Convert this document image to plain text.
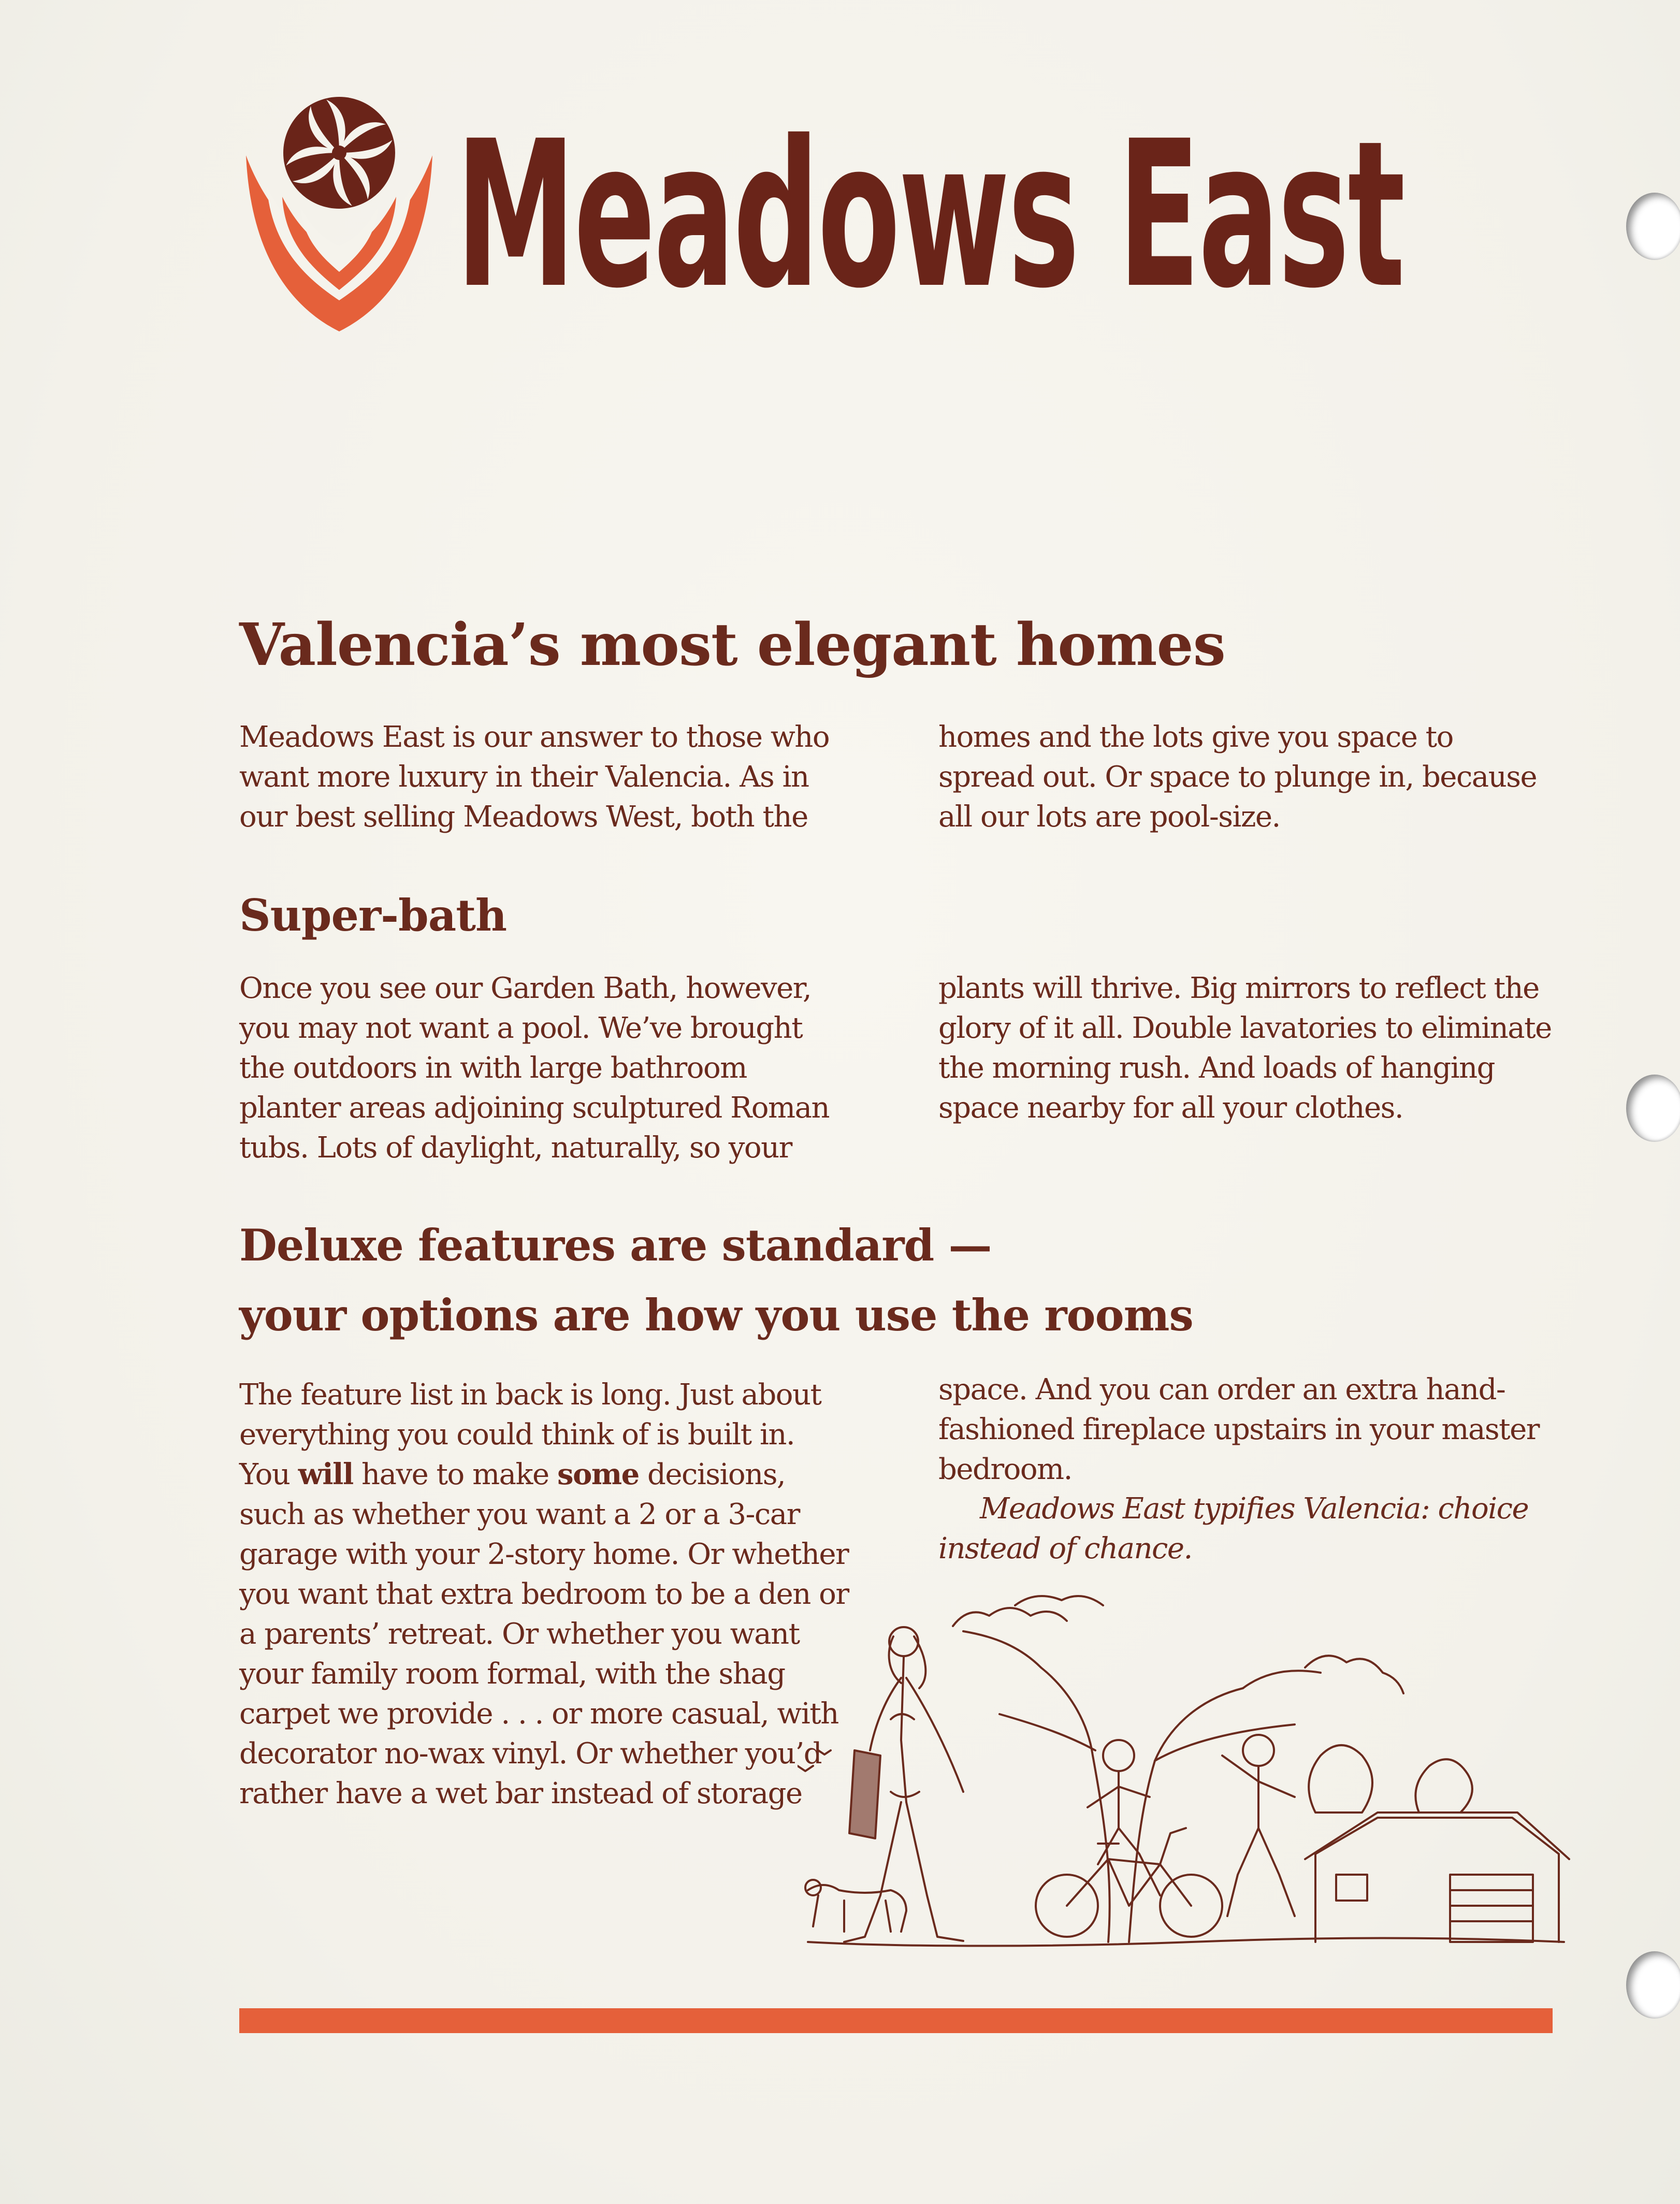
Meadows East
Valencia’s most elegant homes
Meadows East is our answer to those who
want more luxury in their Valencia. As in
our best selling Meadows West, both the
homes and the lots give you space to
spread out. Or space to plunge in, because
all our lots are pool-size.
Super-bath
Once you see our Garden Bath, however,
you may not want a pool. We’ve brought
the outdoors in with large bathroom
planter areas adjoining sculptured Roman
tubs. Lots of daylight, naturally, so your
plants will thrive. Big mirrors to reflect the
glory of it all. Double lavatories to eliminate
the morning rush. And loads of hanging
space nearby for all your clothes.
Deluxe features are standard —
your options are how you use the rooms
The feature list in back is long. Just about
everything you could think of is built in.
You will have to make some decisions,
such as whether you want a 2 or a 3-car
garage with your 2-story home. Or whether
you want that extra bedroom to be a den or
a parents’ retreat. Or whether you want
your family room formal, with the shag
carpet we provide . . . or more casual, with
decorator no-wax vinyl. Or whether you’d
rather have a wet bar instead of storage
space. And you can order an extra hand-
fashioned fireplace upstairs in your master
bedroom.
Meadows East typifies Valencia: choice
instead of chance.
